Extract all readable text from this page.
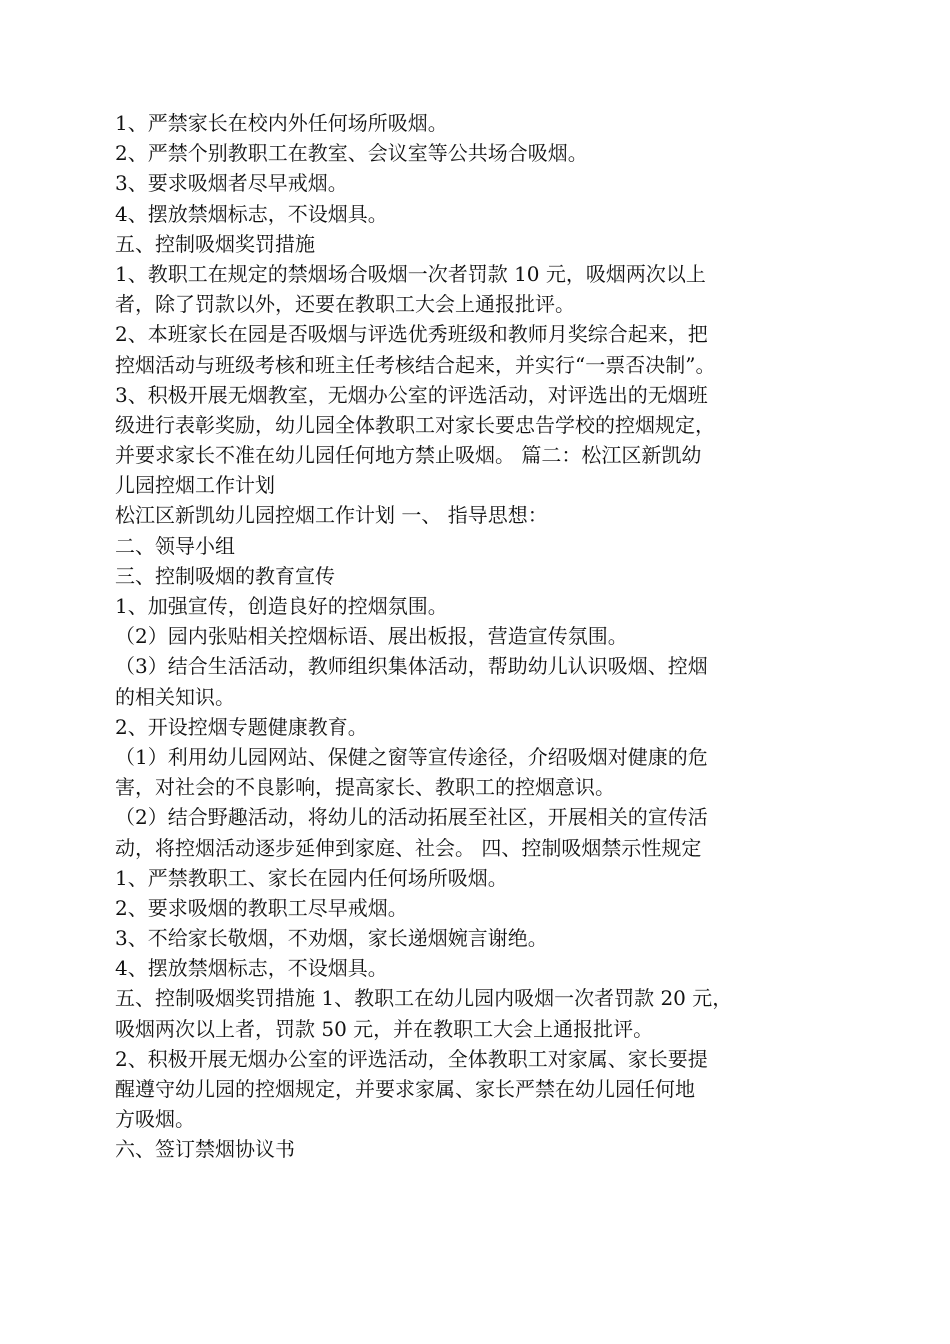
1、严禁家长在校内外任何场所吸烟。
2、严禁个别教职工在教室、会议室等公共场合吸烟。
3、要求吸烟者尽早戒烟。
4、摆放禁烟标志，不设烟具。
五、控制吸烟奖罚措施
1、教职工在规定的禁烟场合吸烟一次者罚款 10 元，吸烟两次以上
者，除了罚款以外，还要在教职工大会上通报批评。
2、本班家长在园是否吸烟与评选优秀班级和教师月奖综合起来，把
控烟活动与班级考核和班主任考核结合起来，并实行“一票否决制”。
3、积极开展无烟教室，无烟办公室的评选活动，对评选出的无烟班
级进行表彰奖励，幼儿园全体教职工对家长要忠告学校的控烟规定，
并要求家长不准在幼儿园任何地方禁止吸烟。 篇二：松江区新凯幼
儿园控烟工作计划
松江区新凯幼儿园控烟工作计划 一、 指导思想：
二、领导小组
三、控制吸烟的教育宣传
1、加强宣传，创造良好的控烟氛围。
（2）园内张贴相关控烟标语、展出板报，营造宣传氛围。
（3）结合生活活动，教师组织集体活动，帮助幼儿认识吸烟、控烟
的相关知识。
2、开设控烟专题健康教育。
（1）利用幼儿园网站、保健之窗等宣传途径，介绍吸烟对健康的危
害，对社会的不良影响，提高家长、教职工的控烟意识。
（2）结合野趣活动，将幼儿的活动拓展至社区，开展相关的宣传活
动，将控烟活动逐步延伸到家庭、社会。 四、控制吸烟禁示性规定
1、严禁教职工、家长在园内任何场所吸烟。
2、要求吸烟的教职工尽早戒烟。
3、不给家长敬烟，不劝烟，家长递烟婉言谢绝。
4、摆放禁烟标志，不设烟具。
五、控制吸烟奖罚措施 1、教职工在幼儿园内吸烟一次者罚款 20 元，
吸烟两次以上者，罚款 50 元，并在教职工大会上通报批评。
2、积极开展无烟办公室的评选活动，全体教职工对家属、家长要提
醒遵守幼儿园的控烟规定，并要求家属、家长严禁在幼儿园任何地
方吸烟。
六、签订禁烟协议书
